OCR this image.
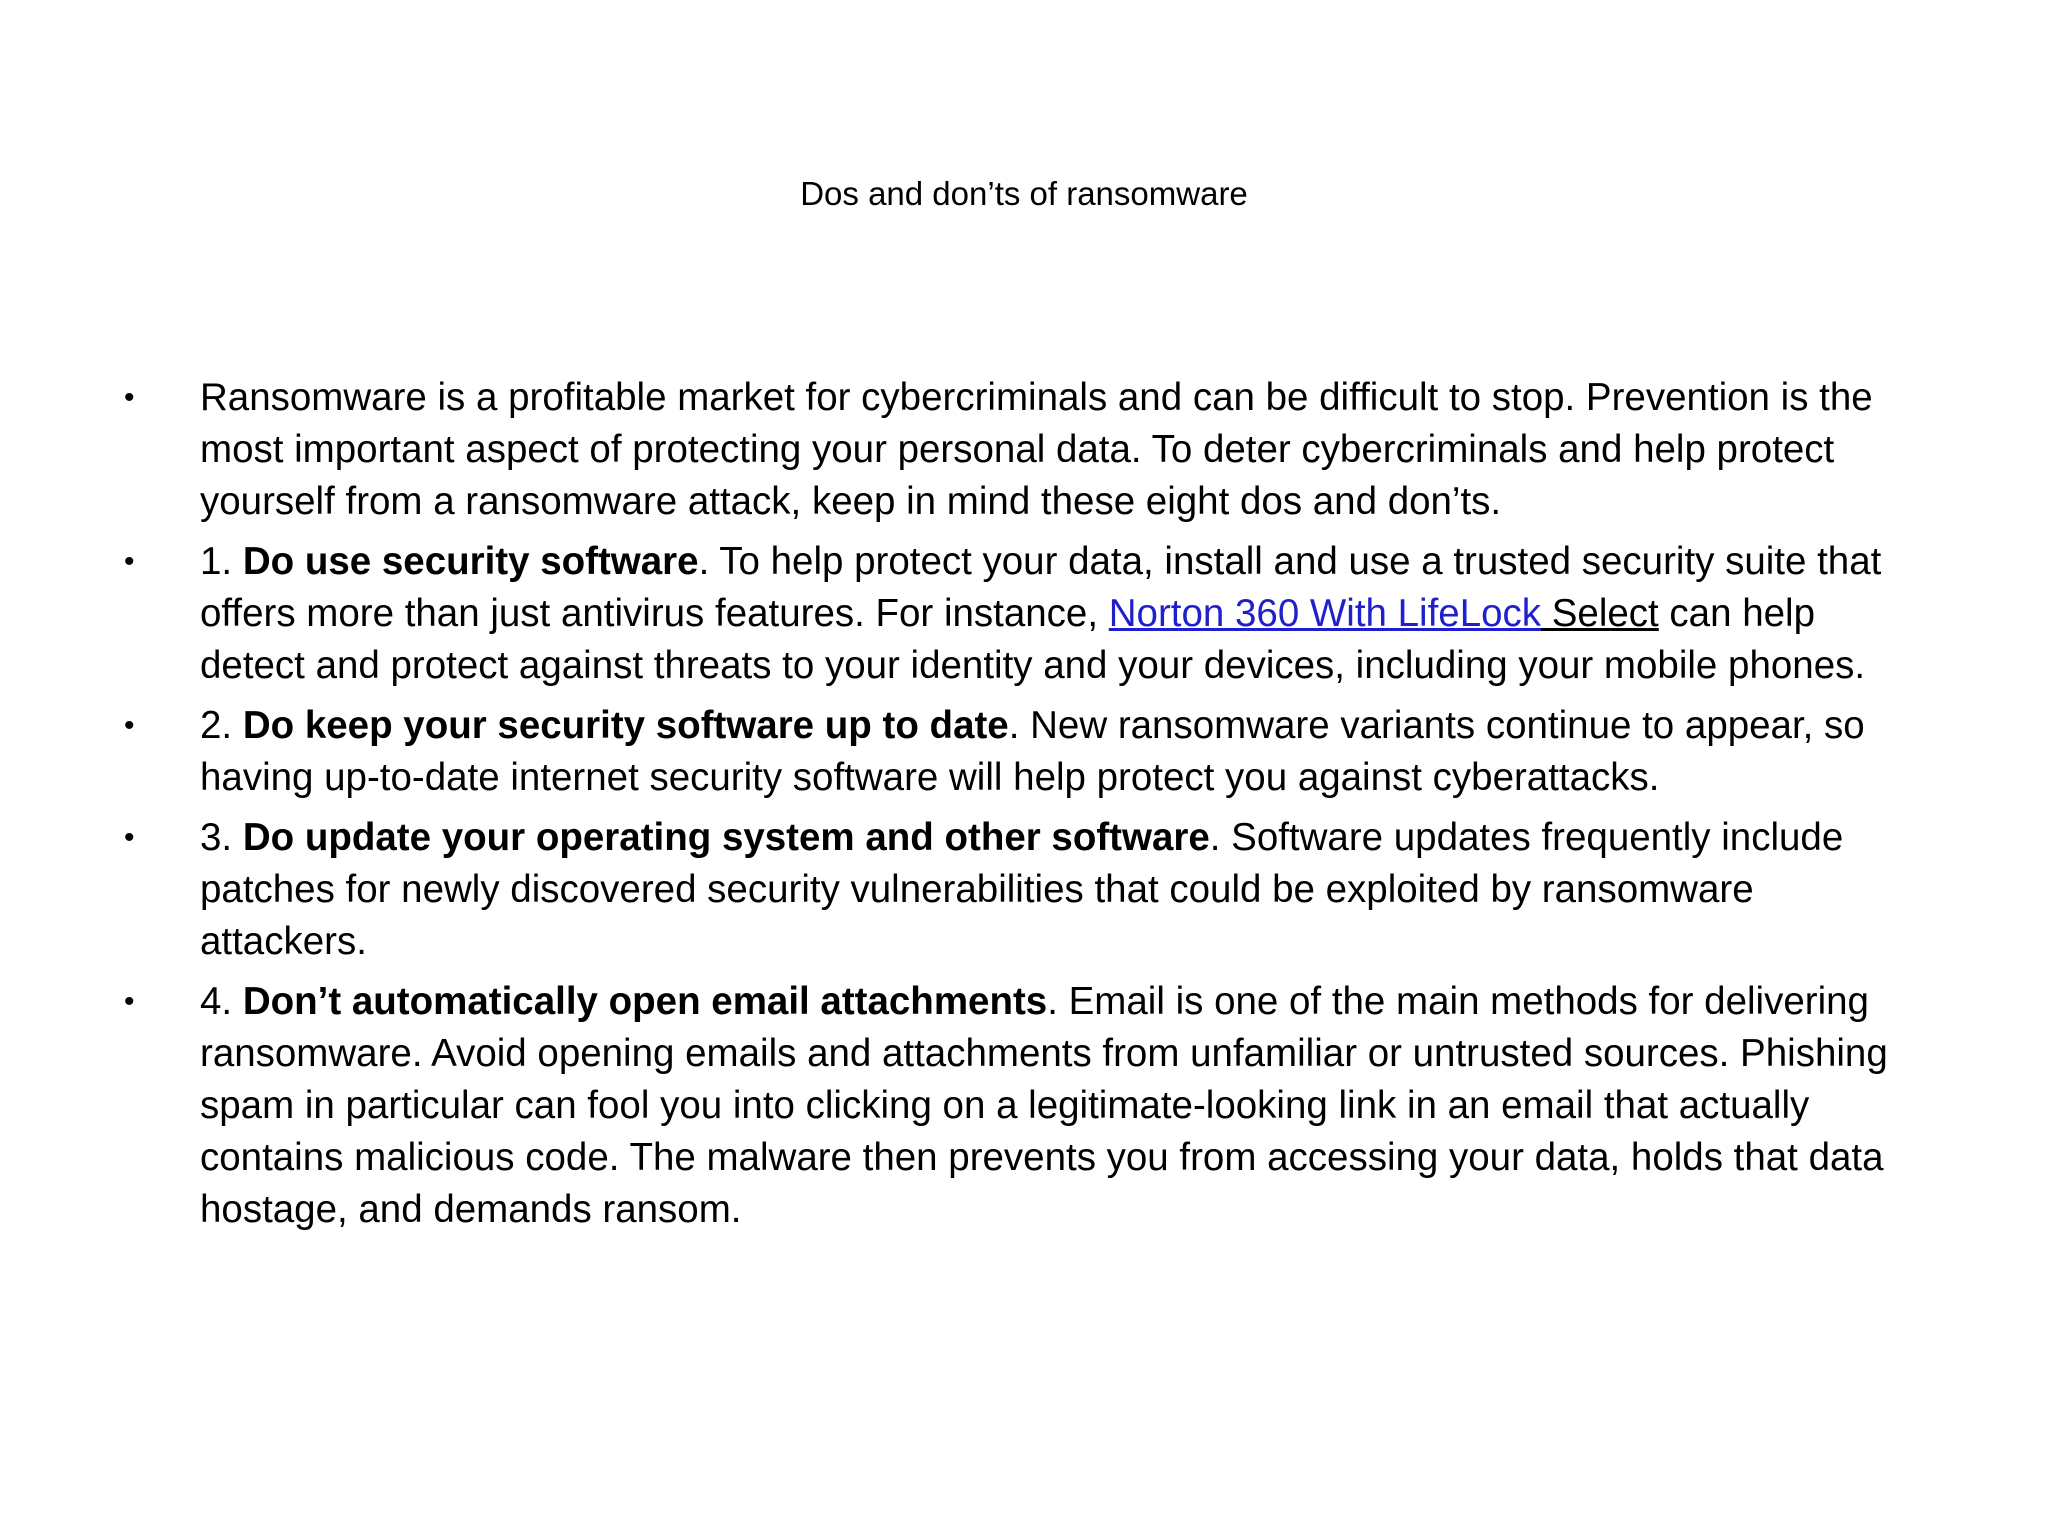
Dos and don’ts of ransomware
• Ransomware is a profitable market for cybercriminals and can be difficult to stop. Prevention is the
most important aspect of protecting your personal data. To deter cybercriminals and help protect
yourself from a ransomware attack, keep in mind these eight dos and don’ts.
• 1. Do use security software. To help protect your data, install and use a trusted security suite that
offers more than just antivirus features. For instance, Norton 360 With LifeLock Select can help
detect and protect against threats to your identity and your devices, including your mobile phones.
• 2. Do keep your security software up to date. New ransomware variants continue to appear, so
having up-to-date internet security software will help protect you against cyberattacks.
• 3. Do update your operating system and other software. Software updates frequently include
patches for newly discovered security vulnerabilities that could be exploited by ransomware
attackers.
• 4. Don’t automatically open email attachments. Email is one of the main methods for delivering
ransomware. Avoid opening emails and attachments from unfamiliar or untrusted sources. Phishing
spam in particular can fool you into clicking on a legitimate-looking link in an email that actually
contains malicious code. The malware then prevents you from accessing your data, holds that data
hostage, and demands ransom.
